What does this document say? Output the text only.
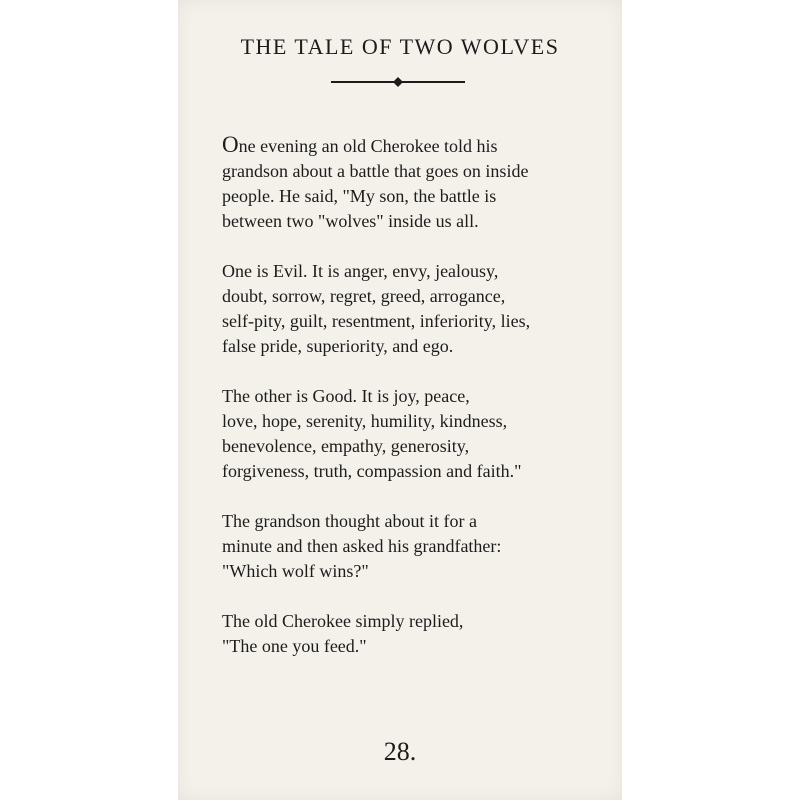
THE TALE OF TWO WOLVES

One evening an old Cherokee told his
grandson about a battle that goes on inside
people. He said, "My son, the battle is
between two "wolves" inside us all.

One is Evil. It is anger, envy, jealousy,
doubt, sorrow, regret, greed, arrogance,
self-pity, guilt, resentment, inferiority, lies,
false pride, superiority, and ego.

The other is Good. It is joy, peace,
love, hope, serenity, humility, kindness,
benevolence, empathy, generosity,
forgiveness, truth, compassion and faith."

The grandson thought about it for a
minute and then asked his grandfather:
"Which wolf wins?"

The old Cherokee simply replied,
"The one you feed."

28.
